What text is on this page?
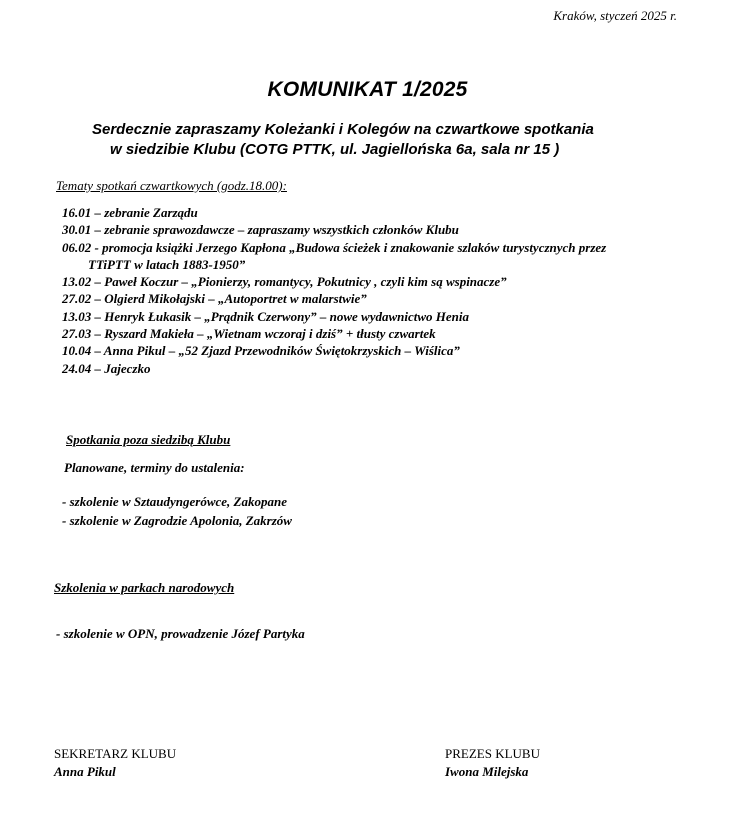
Kraków, styczeń 2025 r.
KOMUNIKAT 1/2025
Serdecznie zapraszamy Koleżanki i Kolegów na czwartkowe spotkania
w siedzibie Klubu (COTG PTTK, ul. Jagiellońska 6a, sala nr 15 )
Tematy spotkań czwartkowych (godz.18.00):
16.01 – zebranie Zarządu
30.01 – zebranie sprawozdawcze – zapraszamy wszystkich członków Klubu
06.02 - promocja książki Jerzego Kapłona „Budowa ścieżek i znakowanie szlaków turystycznych przez
TTiPTT w latach 1883-1950”
13.02 – Paweł Koczur – „Pionierzy, romantycy, Pokutnicy , czyli kim są wspinacze”
27.02 – Olgierd Mikołajski – „Autoportret w malarstwie”
13.03 – Henryk Łukasik – „Prądnik Czerwony” – nowe wydawnictwo Henia
27.03 – Ryszard Makieła – „Wietnam wczoraj i dziś” + tłusty czwartek
10.04 – Anna Pikul – „52 Zjazd Przewodników Świętokrzyskich – Wiślica”
24.04 – Jajeczko
Spotkania poza siedzibą Klubu
Planowane, terminy do ustalenia:
- szkolenie w Sztaudyngerówce, Zakopane
- szkolenie w Zagrodzie Apolonia, Zakrzów
Szkolenia w parkach narodowych
- szkolenie w OPN, prowadzenie Józef Partyka
SEKRETARZ KLUBU
Anna Pikul
PREZES KLUBU
Iwona Milejska
